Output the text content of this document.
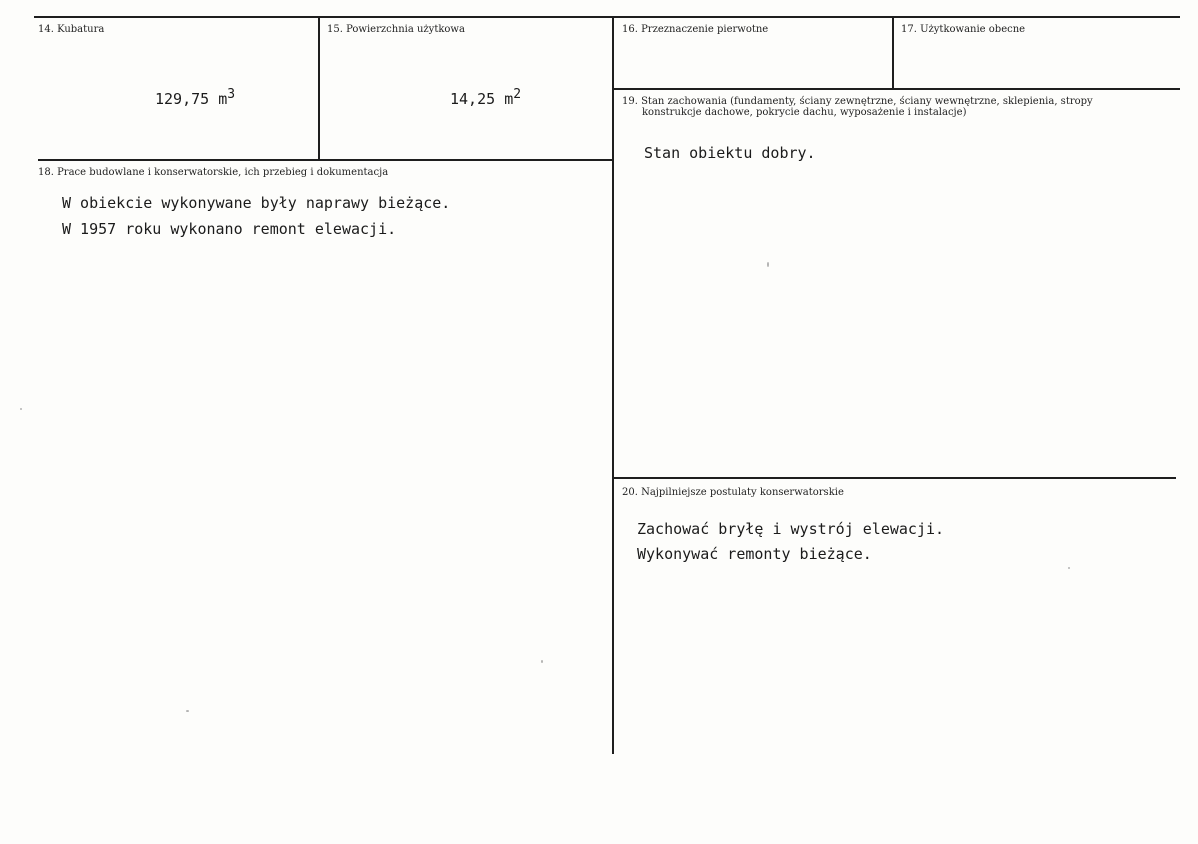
14. Kubatura
129,75 $m^3$
15. Powierzchnia użytkowa
14,25 $m^2$
16. Przeznaczenie pierwotne	17. Użytkowanie obecne
18. Prace budowlane i konserwatorskie, ich przebieg i dokumentacja
W obiekcie wykonywane były naprawy bieżące.
W 1957 roku wykonano remont elewacji.
19. Stan zachowania (fundamenty, ściany zewnętrzne, ściany wewnętrzne, sklepienia, stropy
konstrukcje dachowe, pokrycie dachu, wyposażenie i instalacje)
Stan obiektu dobry.
20. Najpilniejsze postulaty konserwatorskie
Zachować bryłę i wystrój elewacji.
Wykonywać remonty bieżące.
